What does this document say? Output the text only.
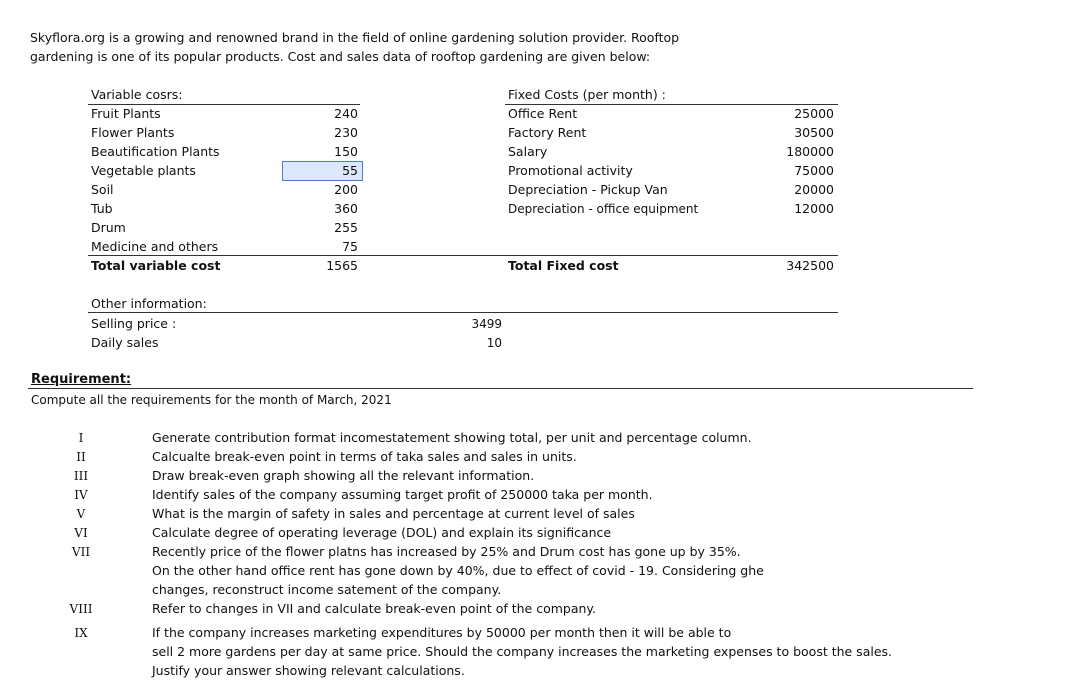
Skyflora.org is a growing and renowned brand in the field of online gardening solution provider. Rooftop
gardening is one of its popular products. Cost and sales data of rooftop gardening are given below:
Variable cosrs:
Fruit Plants	240
Flower Plants	230
Beautification Plants	150
Vegetable plants	55
Soil	200
Tub	360
Drum	255
Medicine and others	75
Fixed Costs (per month) :
Office Rent	25000
Factory Rent	30500
Salary	180000
Promotional activity	75000
Depreciation - Pickup Van	20000
Depreciation - office equipment	12000
Total variable cost	1565	Total Fixed cost	342500
Other information:
Selling price :	3499
Daily sales	10
Requirement:
Compute all the requirements for the month of March, 2021
I	Generate contribution format incomestatement showing total, per unit and percentage column.
II	Calcualte break-even point in terms of taka sales and sales in units.
III	Draw break-even graph showing all the relevant information.
IV	Identify sales of the company assuming target profit of 250000 taka per month.
V	What is the margin of safety in sales and percentage at current level of sales
VI	Calculate degree of operating leverage (DOL) and explain its significance
VII	Recently price of the flower platns has increased by 25% and Drum cost has gone up by 35%.
On the other hand office rent has gone down by 40%, due to effect of covid - 19. Considering ghe
changes, reconstruct income satement of the company.
VIII	Refer to changes in VII and calculate break-even point of the company.
IX	If the company increases marketing expenditures by 50000 per month then it will be able to
sell 2 more gardens per day at same price. Should the company increases the marketing expenses to boost the sales.
Justify your answer showing relevant calculations.
